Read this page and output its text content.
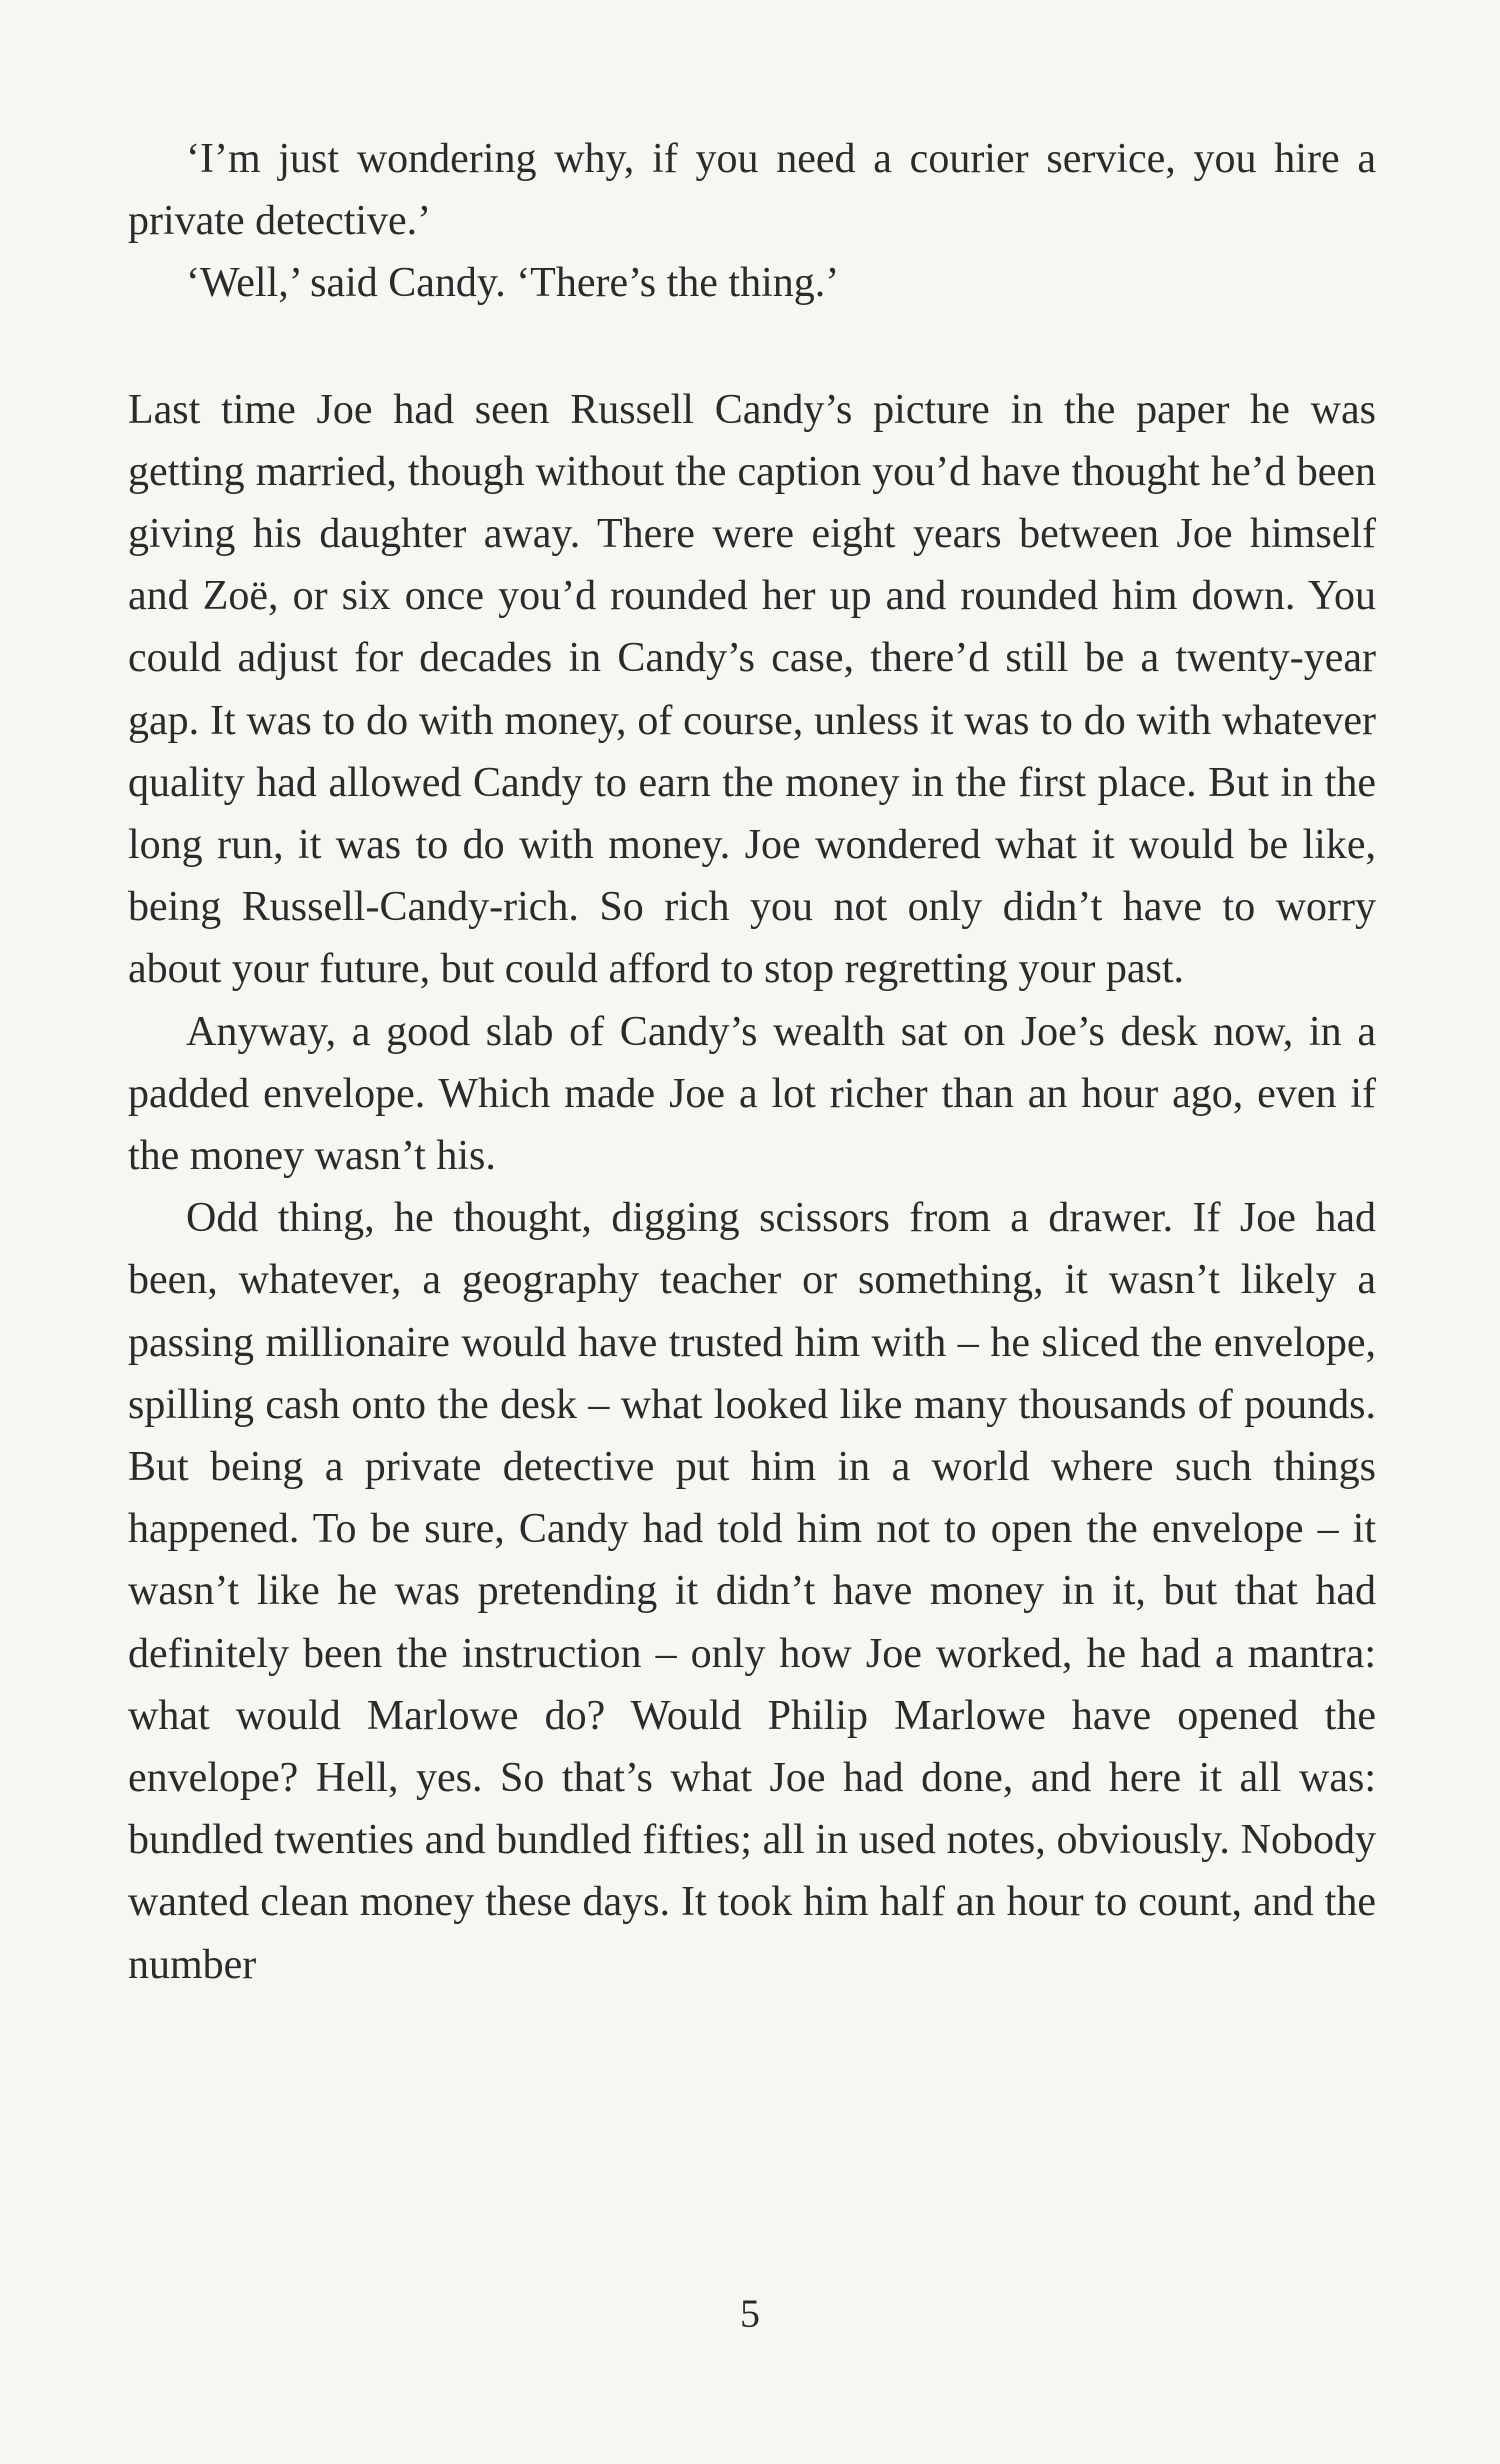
‘I’m just wondering why, if you need a courier service, you hire a private detective.’

‘Well,’ said Candy. ‘There’s the thing.’

Last time Joe had seen Russell Candy’s picture in the paper he was getting married, though without the caption you’d have thought he’d been giving his daughter away. There were eight years between Joe himself and Zoë, or six once you’d rounded her up and rounded him down. You could adjust for decades in Candy’s case, there’d still be a twenty-year gap. It was to do with money, of course, unless it was to do with whatever quality had allowed Candy to earn the money in the first place. But in the long run, it was to do with money. Joe wondered what it would be like, being Russell-Candy-rich. So rich you not only didn’t have to worry about your future, but could afford to stop regretting your past.

Anyway, a good slab of Candy’s wealth sat on Joe’s desk now, in a padded envelope. Which made Joe a lot richer than an hour ago, even if the money wasn’t his.

Odd thing, he thought, digging scissors from a drawer. If Joe had been, whatever, a geography teacher or something, it wasn’t likely a passing millionaire would have trusted him with – he sliced the envelope, spilling cash onto the desk – what looked like many thousands of pounds. But being a private detective put him in a world where such things happened. To be sure, Candy had told him not to open the envelope – it wasn’t like he was pretending it didn’t have money in it, but that had definitely been the instruction – only how Joe worked, he had a mantra: what would Marlowe do? Would Philip Marlowe have opened the envelope? Hell, yes. So that’s what Joe had done, and here it all was: bundled twenties and bundled fifties; all in used notes, obviously. Nobody wanted clean money these days. It took him half an hour to count, and the number

5
